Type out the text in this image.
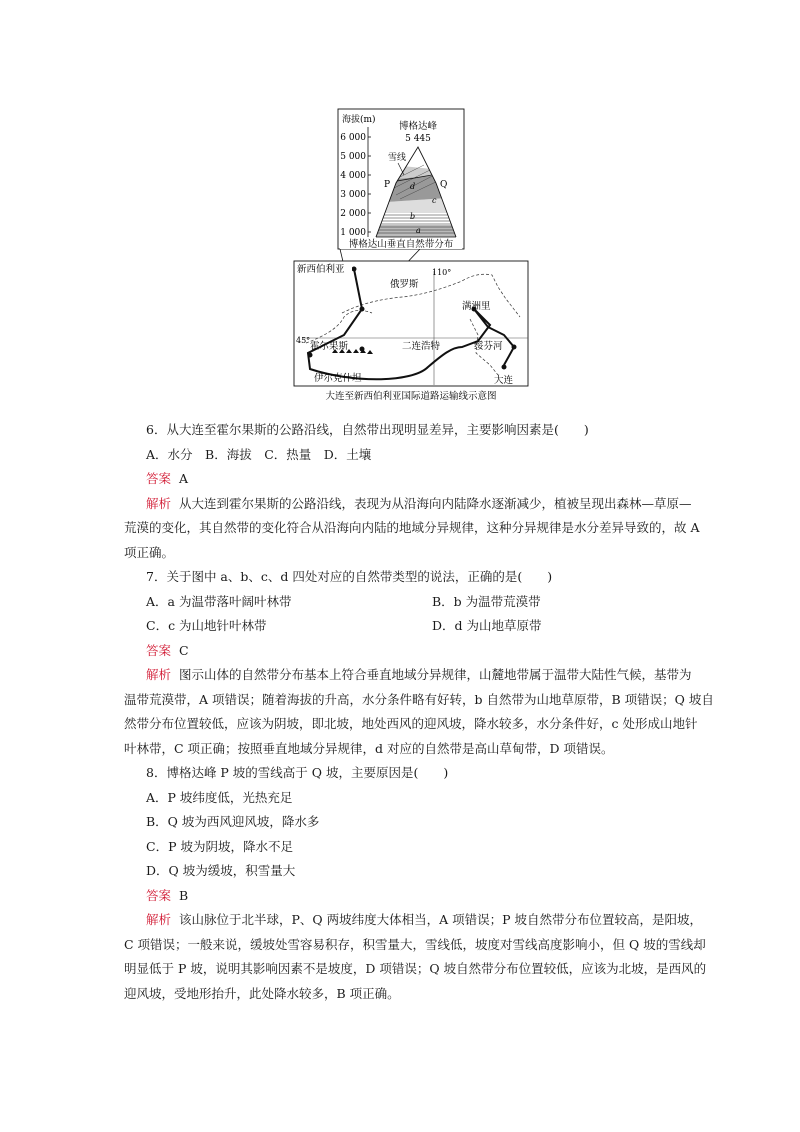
海拔(m)
6 000
5 000
4 000
3 000
2 000
1 000
博格达峰
5 445
雪线
P	Q
d
c
b
a
博格达山垂直自然带分布
110°
45°
新西伯利亚
俄罗斯
满洲里
霍尔果斯	二连浩特	绥芬河
伊尔克什坦	大连
大连至新西伯利亚国际道路运输线示意图
6．从大连至霍尔果斯的公路沿线，自然带出现明显差异，主要影响因素是(　　)
A．水分　B．海拔　C．热量　D．土壤
答案 A
解析 从大连到霍尔果斯的公路沿线，表现为从沿海向内陆降水逐渐减少，植被呈现出森林—草原—
荒漠的变化，其自然带的变化符合从沿海向内陆的地域分异规律，这种分异规律是水分差异导致的，故 A
项正确。
7．关于图中 a、b、c、d 四处对应的自然带类型的说法，正确的是(　　)
A．a 为温带落叶阔叶林带	B．b 为温带荒漠带
C．c 为山地针叶林带	D．d 为山地草原带
答案 C
解析 图示山体的自然带分布基本上符合垂直地域分异规律，山麓地带属于温带大陆性气候，基带为
温带荒漠带，A 项错误；随着海拔的升高，水分条件略有好转，b 自然带为山地草原带，B 项错误；Q 坡自
然带分布位置较低，应该为阴坡，即北坡，地处西风的迎风坡，降水较多，水分条件好，c 处形成山地针
叶林带，C 项正确；按照垂直地域分异规律，d 对应的自然带是高山草甸带，D 项错误。
8．博格达峰 P 坡的雪线高于 Q 坡，主要原因是(　　)
A．P 坡纬度低，光热充足
B．Q 坡为西风迎风坡，降水多
C．P 坡为阴坡，降水不足
D．Q 坡为缓坡，积雪量大
答案 B
解析 该山脉位于北半球，P、Q 两坡纬度大体相当，A 项错误；P 坡自然带分布位置较高，是阳坡，
C 项错误；一般来说，缓坡处雪容易积存，积雪量大，雪线低，坡度对雪线高度影响小，但 Q 坡的雪线却
明显低于 P 坡，说明其影响因素不是坡度，D 项错误；Q 坡自然带分布位置较低，应该为北坡，是西风的
迎风坡，受地形抬升，此处降水较多，B 项正确。
